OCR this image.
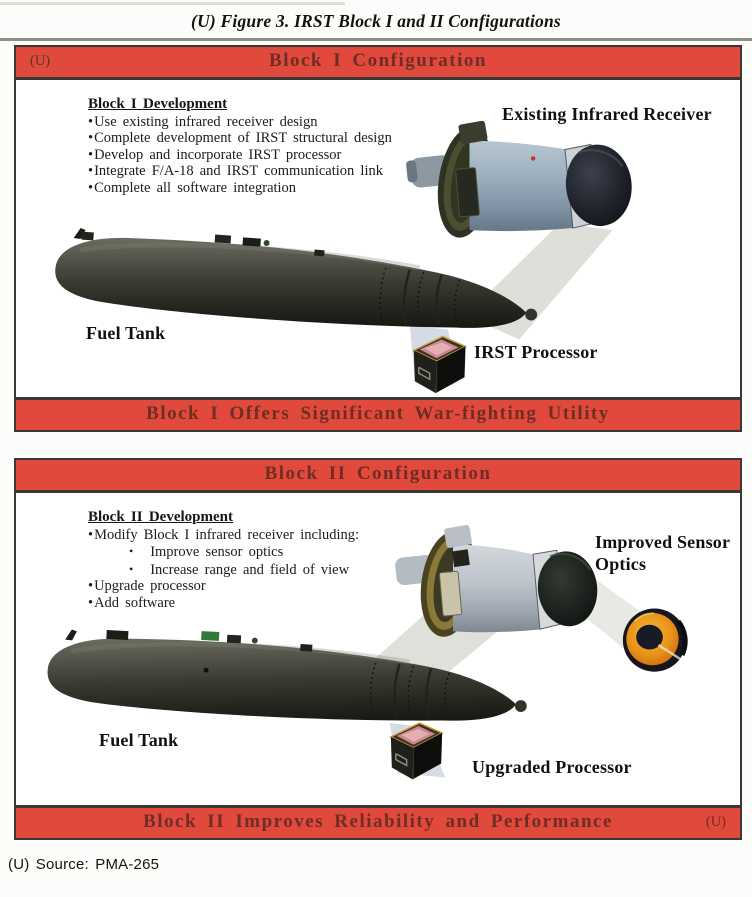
(U) Figure 3. IRST Block I and II Configurations
(U)	Block I Configuration
Block I Development
•Use existing infrared receiver design
•Complete development of IRST structural design
•Develop and incorporate IRST processor
•Integrate F/A-18 and IRST communication link
•Complete all software integration
Existing Infrared Receiver
Fuel Tank
IRST Processor
Block I Offers Significant War-fighting Utility
Block II Configuration
Block II Development
•Modify Block I infrared receiver including:
• Improve sensor optics
• Increase range and field of view
•Upgrade processor
•Add software
Improved Sensor
Optics
Fuel Tank
Upgraded Processor
Block II Improves Reliability and Performance	(U)
(U) Source: PMA-265
